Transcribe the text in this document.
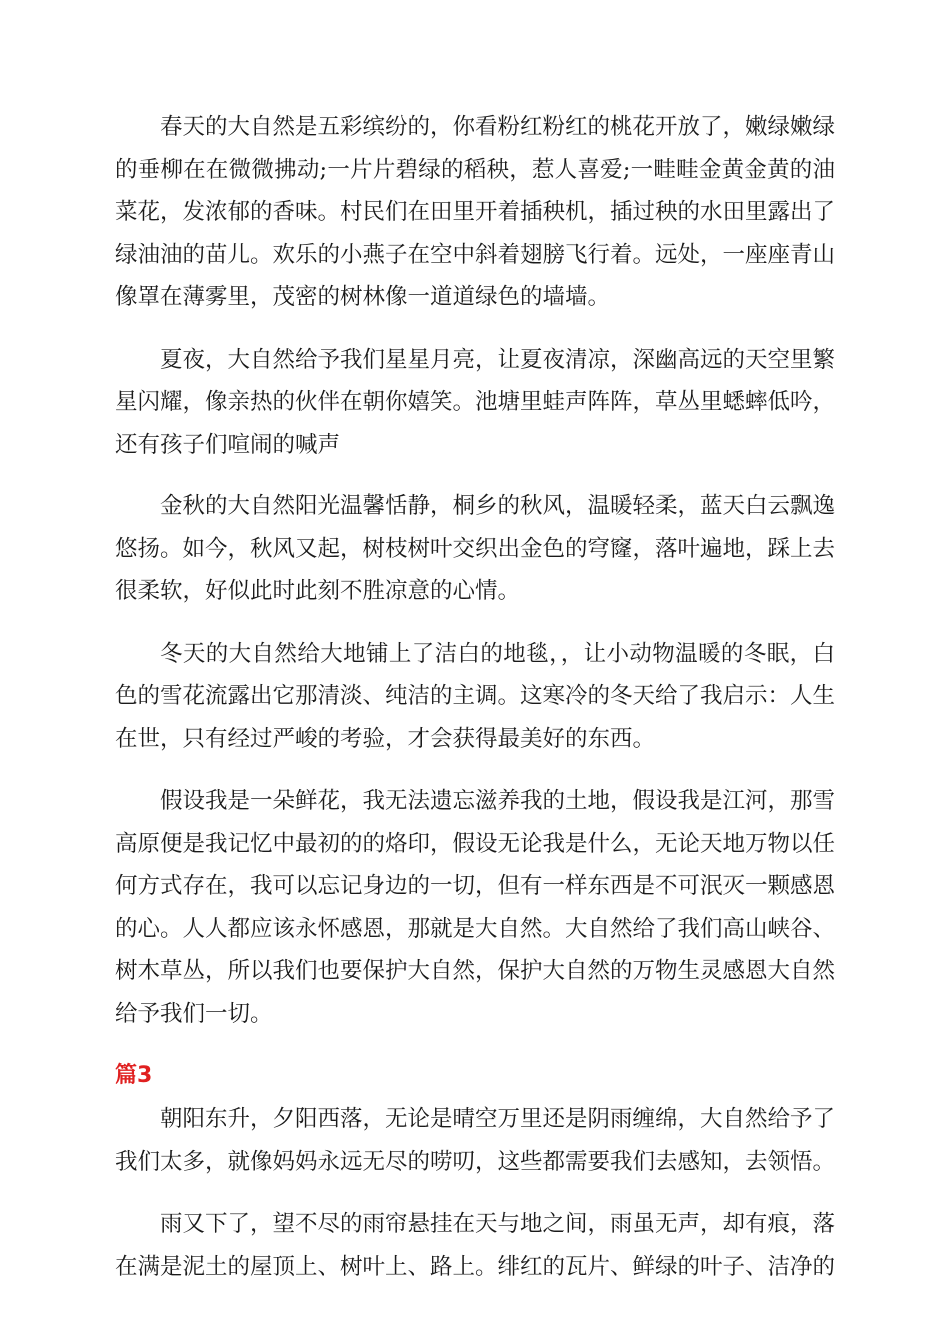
春天的大自然是五彩缤纷的，你看粉红粉红的桃花开放了，嫩绿嫩绿的垂柳在在微微拂动;一片片碧绿的稻秧，惹人喜爱;一畦畦金黄金黄的油菜花，发浓郁的香味。村民们在田里开着插秧机，插过秧的水田里露出了绿油油的苗儿。欢乐的小燕子在空中斜着翅膀飞行着。远处，一座座青山像罩在薄雾里，茂密的树林像一道道绿色的墙墙。

夏夜，大自然给予我们星星月亮，让夏夜清凉，深幽高远的天空里繁星闪耀，像亲热的伙伴在朝你嬉笑。池塘里蛙声阵阵，草丛里蟋蟀低吟，还有孩子们喧闹的喊声

金秋的大自然阳光温馨恬静，桐乡的秋风，温暖轻柔，蓝天白云飘逸悠扬。如今，秋风又起，树枝树叶交织出金色的穹窿，落叶遍地，踩上去很柔软，好似此时此刻不胜凉意的心情。

冬天的大自然给大地铺上了洁白的地毯，，让小动物温暖的冬眠，白色的雪花流露出它那清淡、纯洁的主调。这寒冷的冬天给了我启示：人生在世，只有经过严峻的考验，才会获得最美好的东西。

假设我是一朵鲜花，我无法遗忘滋养我的土地，假设我是江河，那雪高原便是我记忆中最初的的烙印，假设无论我是什么，无论天地万物以任何方式存在，我可以忘记身边的一切，但有一样东西是不可泯灭一颗感恩的心。人人都应该永怀感恩，那就是大自然。大自然给了我们高山峡谷、树木草丛，所以我们也要保护大自然，保护大自然的万物生灵感恩大自然给予我们一切。

篇3

朝阳东升，夕阳西落，无论是晴空万里还是阴雨缠绵，大自然给予了我们太多，就像妈妈永远无尽的唠叨，这些都需要我们去感知，去领悟。

雨又下了，望不尽的雨帘悬挂在天与地之间，雨虽无声，却有痕，落在满是泥土的屋顶上、树叶上、路上。绯红的瓦片、鲜绿的叶子、洁净的
